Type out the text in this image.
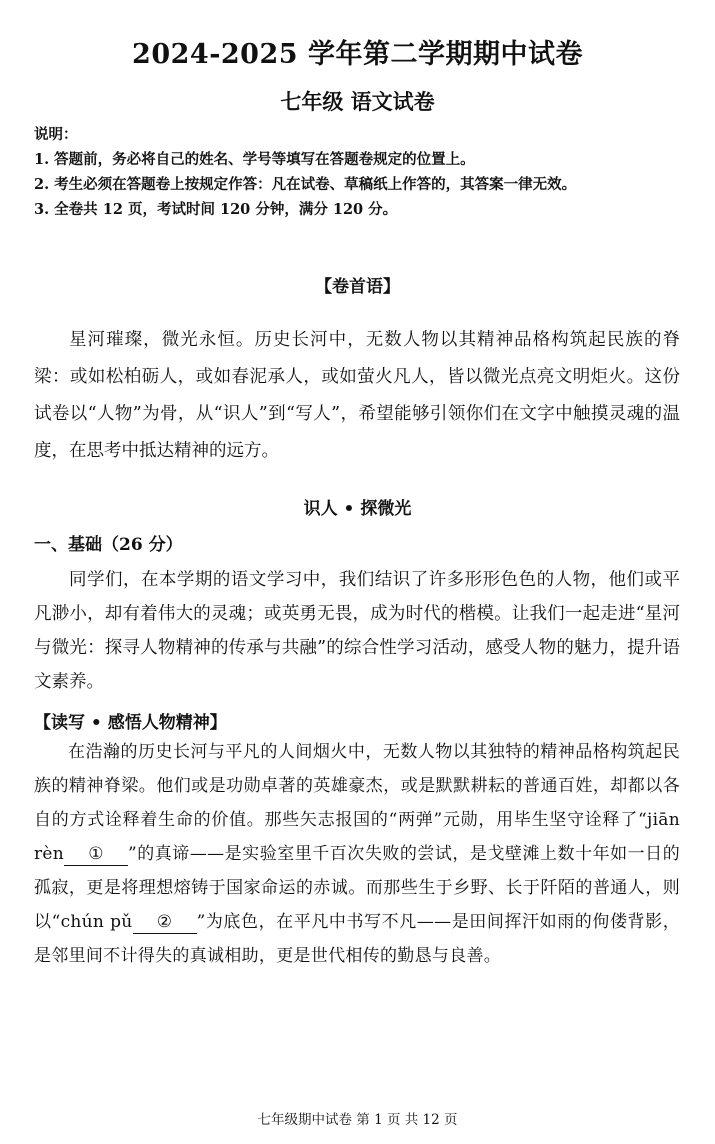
2024-2025 学年第二学期期中试卷
七年级 语文试卷
说明：
1. 答题前，务必将自己的姓名、学号等填写在答题卷规定的位置上。
2. 考生必须在答题卷上按规定作答：凡在试卷、草稿纸上作答的，其答案一律无效。
3. 全卷共 12 页，考试时间 120 分钟，满分 120 分。
【卷首语】

星河璀璨，微光永恒。历史长河中，无数人物以其精神品格构筑起民族的脊梁：或如松柏砺人，或如春泥承人，或如萤火凡人，皆以微光点亮文明炬火。这份试卷以“人物”为骨，从“识人”到“写人”，希望能够引领你们在文字中触摸灵魂的温度，在思考中抵达精神的远方。

识人 • 探微光
一、基础（26 分）

同学们，在本学期的语文学习中，我们结识了许多形形色色的人物，他们或平凡渺小，却有着伟大的灵魂；或英勇无畏，成为时代的楷模。让我们一起走进“星河与微光：探寻人物精神的传承与共融”的综合性学习活动，感受人物的魅力，提升语文素养。

【读写 • 感悟人物精神】

在浩瀚的历史长河与平凡的人间烟火中，无数人物以其独特的精神品格构筑起民族的精神脊梁。他们或是功勋卓著的英雄豪杰，或是默默耕耘的普通百姓，却都以各自的方式诠释着生命的价值。那些矢志报国的“两弹”元勋，用毕生坚守诠释了“jiān rèn ① ”的真谛——是实验室里千百次失败的尝试，是戈壁滩上数十年如一日的孤寂，更是将理想熔铸于国家命运的赤诚。而那些生于乡野、长于阡陌的普通人，则以“chún pǔ ② ”为底色，在平凡中书写不凡——是田间挥汗如雨的佝偻背影，是邻里间不计得失的真诚相助，更是世代相传的勤恳与良善。

七年级期中试卷 第 1 页 共 12 页
